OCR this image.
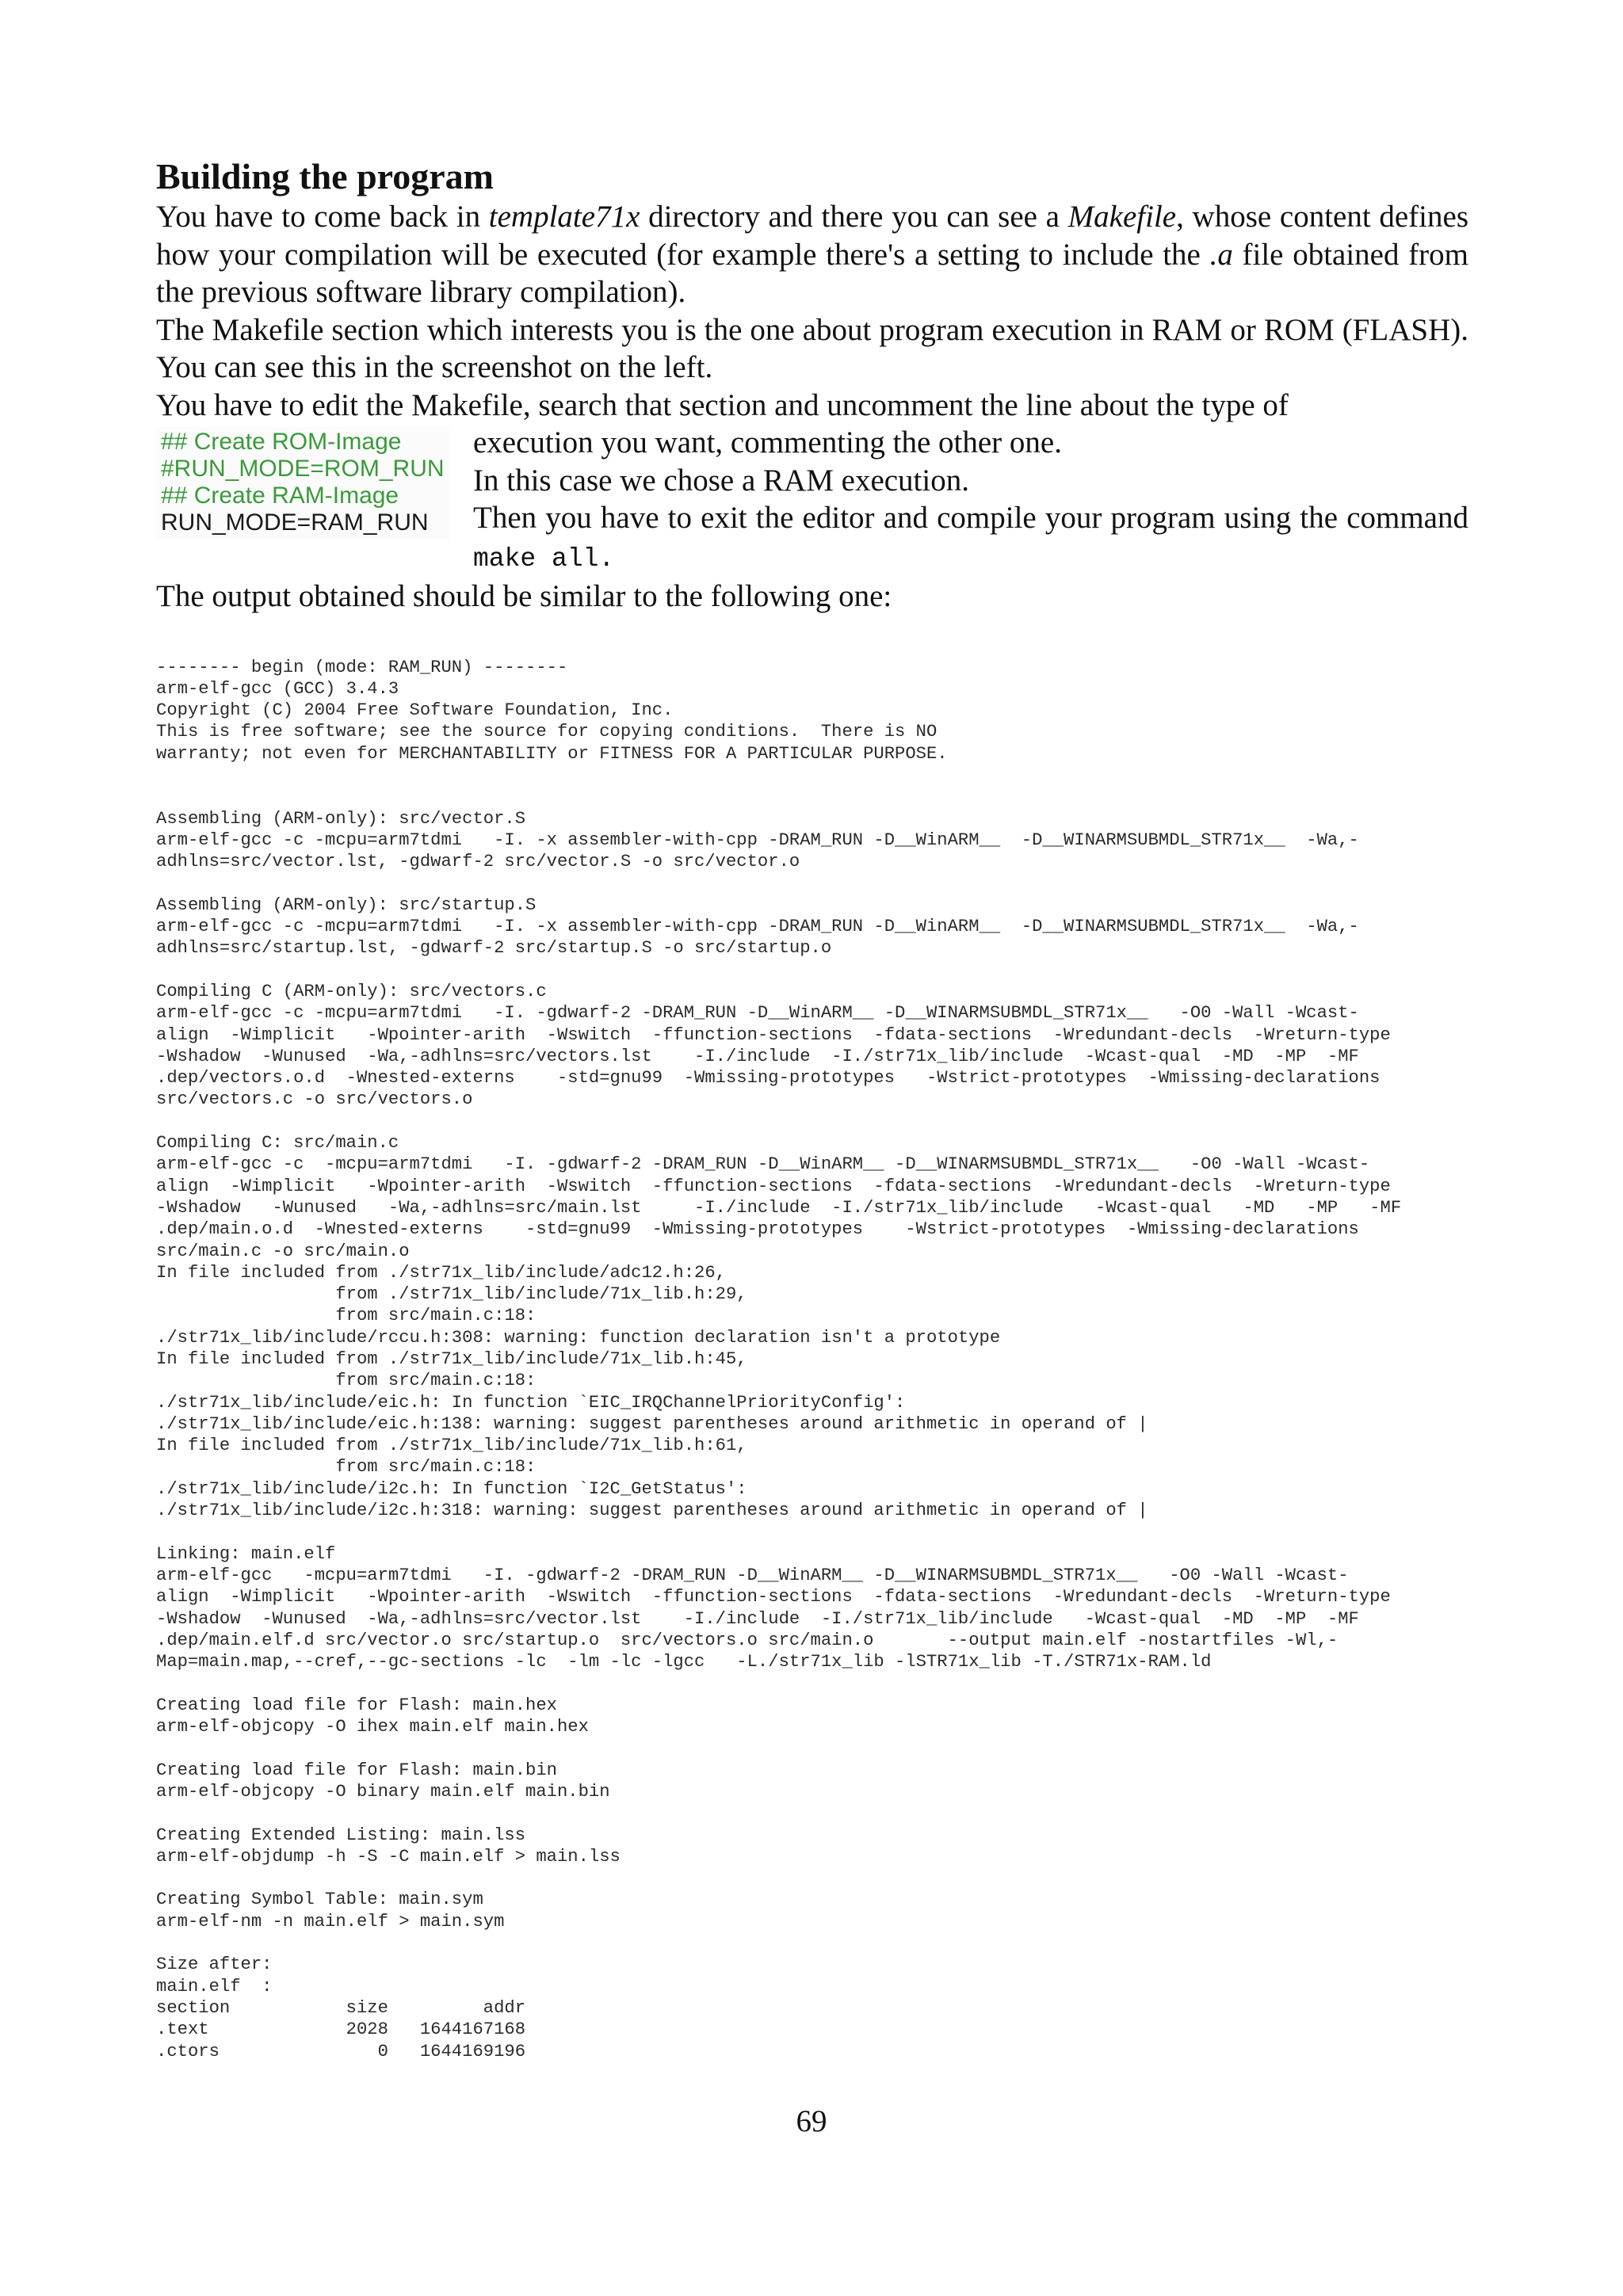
Building the program

You have to come back in template71x directory and there you can see a Makefile, whose content defines how your compilation will be executed (for example there's a setting to include the .a file obtained from the previous software library compilation).

The Makefile section which interests you is the one about program execution in RAM or ROM (FLASH). You can see this in the screenshot on the left.

You have to edit the Makefile, search that section and uncomment the line about the type of

## Create ROM-Image
#RUN_MODE=ROM_RUN
## Create RAM-Image
RUN_MODE=RAM_RUN

execution you want, commenting the other one.

In this case we chose a RAM execution.

Then you have to exit the editor and compile your program using the command make all.

The output obtained should be similar to the following one:

-------- begin (mode: RAM_RUN) --------
arm-elf-gcc (GCC) 3.4.3
Copyright (C) 2004 Free Software Foundation, Inc.
This is free software; see the source for copying conditions.  There is NO
warranty; not even for MERCHANTABILITY or FITNESS FOR A PARTICULAR PURPOSE.
Assembling (ARM-only): src/vector.S
arm-elf-gcc -c -mcpu=arm7tdmi   -I. -x assembler-with-cpp -DRAM_RUN -D__WinARM__  -D__WINARMSUBMDL_STR71x__  -Wa,-
adhlns=src/vector.lst, -gdwarf-2 src/vector.S -o src/vector.o
Assembling (ARM-only): src/startup.S
arm-elf-gcc -c -mcpu=arm7tdmi   -I. -x assembler-with-cpp -DRAM_RUN -D__WinARM__  -D__WINARMSUBMDL_STR71x__  -Wa,-
adhlns=src/startup.lst, -gdwarf-2 src/startup.S -o src/startup.o
Compiling C (ARM-only): src/vectors.c
arm-elf-gcc -c -mcpu=arm7tdmi   -I. -gdwarf-2 -DRAM_RUN -D__WinARM__ -D__WINARMSUBMDL_STR71x__   -O0 -Wall -Wcast-
align  -Wimplicit   -Wpointer-arith  -Wswitch  -ffunction-sections  -fdata-sections  -Wredundant-decls  -Wreturn-type
-Wshadow  -Wunused  -Wa,-adhlns=src/vectors.lst    -I./include  -I./str71x_lib/include  -Wcast-qual  -MD  -MP  -MF
.dep/vectors.o.d  -Wnested-externs    -std=gnu99  -Wmissing-prototypes   -Wstrict-prototypes  -Wmissing-declarations
src/vectors.c -o src/vectors.o
Compiling C: src/main.c
arm-elf-gcc -c  -mcpu=arm7tdmi   -I. -gdwarf-2 -DRAM_RUN -D__WinARM__ -D__WINARMSUBMDL_STR71x__   -O0 -Wall -Wcast-
align  -Wimplicit   -Wpointer-arith  -Wswitch  -ffunction-sections  -fdata-sections  -Wredundant-decls  -Wreturn-type
-Wshadow   -Wunused   -Wa,-adhlns=src/main.lst     -I./include  -I./str71x_lib/include   -Wcast-qual   -MD   -MP   -MF
.dep/main.o.d  -Wnested-externs    -std=gnu99  -Wmissing-prototypes    -Wstrict-prototypes  -Wmissing-declarations
src/main.c -o src/main.o
In file included from ./str71x_lib/include/adc12.h:26,
from ./str71x_lib/include/71x_lib.h:29,
from src/main.c:18:
./str71x_lib/include/rccu.h:308: warning: function declaration isn't a prototype
In file included from ./str71x_lib/include/71x_lib.h:45,
from src/main.c:18:
./str71x_lib/include/eic.h: In function `EIC_IRQChannelPriorityConfig':
./str71x_lib/include/eic.h:138: warning: suggest parentheses around arithmetic in operand of |
In file included from ./str71x_lib/include/71x_lib.h:61,
from src/main.c:18:
./str71x_lib/include/i2c.h: In function `I2C_GetStatus':
./str71x_lib/include/i2c.h:318: warning: suggest parentheses around arithmetic in operand of |
Linking: main.elf
arm-elf-gcc   -mcpu=arm7tdmi   -I. -gdwarf-2 -DRAM_RUN -D__WinARM__ -D__WINARMSUBMDL_STR71x__   -O0 -Wall -Wcast-
align  -Wimplicit   -Wpointer-arith  -Wswitch  -ffunction-sections  -fdata-sections  -Wredundant-decls  -Wreturn-type
-Wshadow  -Wunused  -Wa,-adhlns=src/vector.lst    -I./include  -I./str71x_lib/include   -Wcast-qual  -MD  -MP  -MF
.dep/main.elf.d src/vector.o src/startup.o  src/vectors.o src/main.o       --output main.elf -nostartfiles -Wl,-
Map=main.map,--cref,--gc-sections -lc  -lm -lc -lgcc   -L./str71x_lib -lSTR71x_lib -T./STR71x-RAM.ld
Creating load file for Flash: main.hex
arm-elf-objcopy -O ihex main.elf main.hex
Creating load file for Flash: main.bin
arm-elf-objcopy -O binary main.elf main.bin
Creating Extended Listing: main.lss
arm-elf-objdump -h -S -C main.elf > main.lss
Creating Symbol Table: main.sym
arm-elf-nm -n main.elf > main.sym
Size after:
main.elf  :
section           size         addr
.text             2028   1644167168
.ctors               0   1644169196
69
